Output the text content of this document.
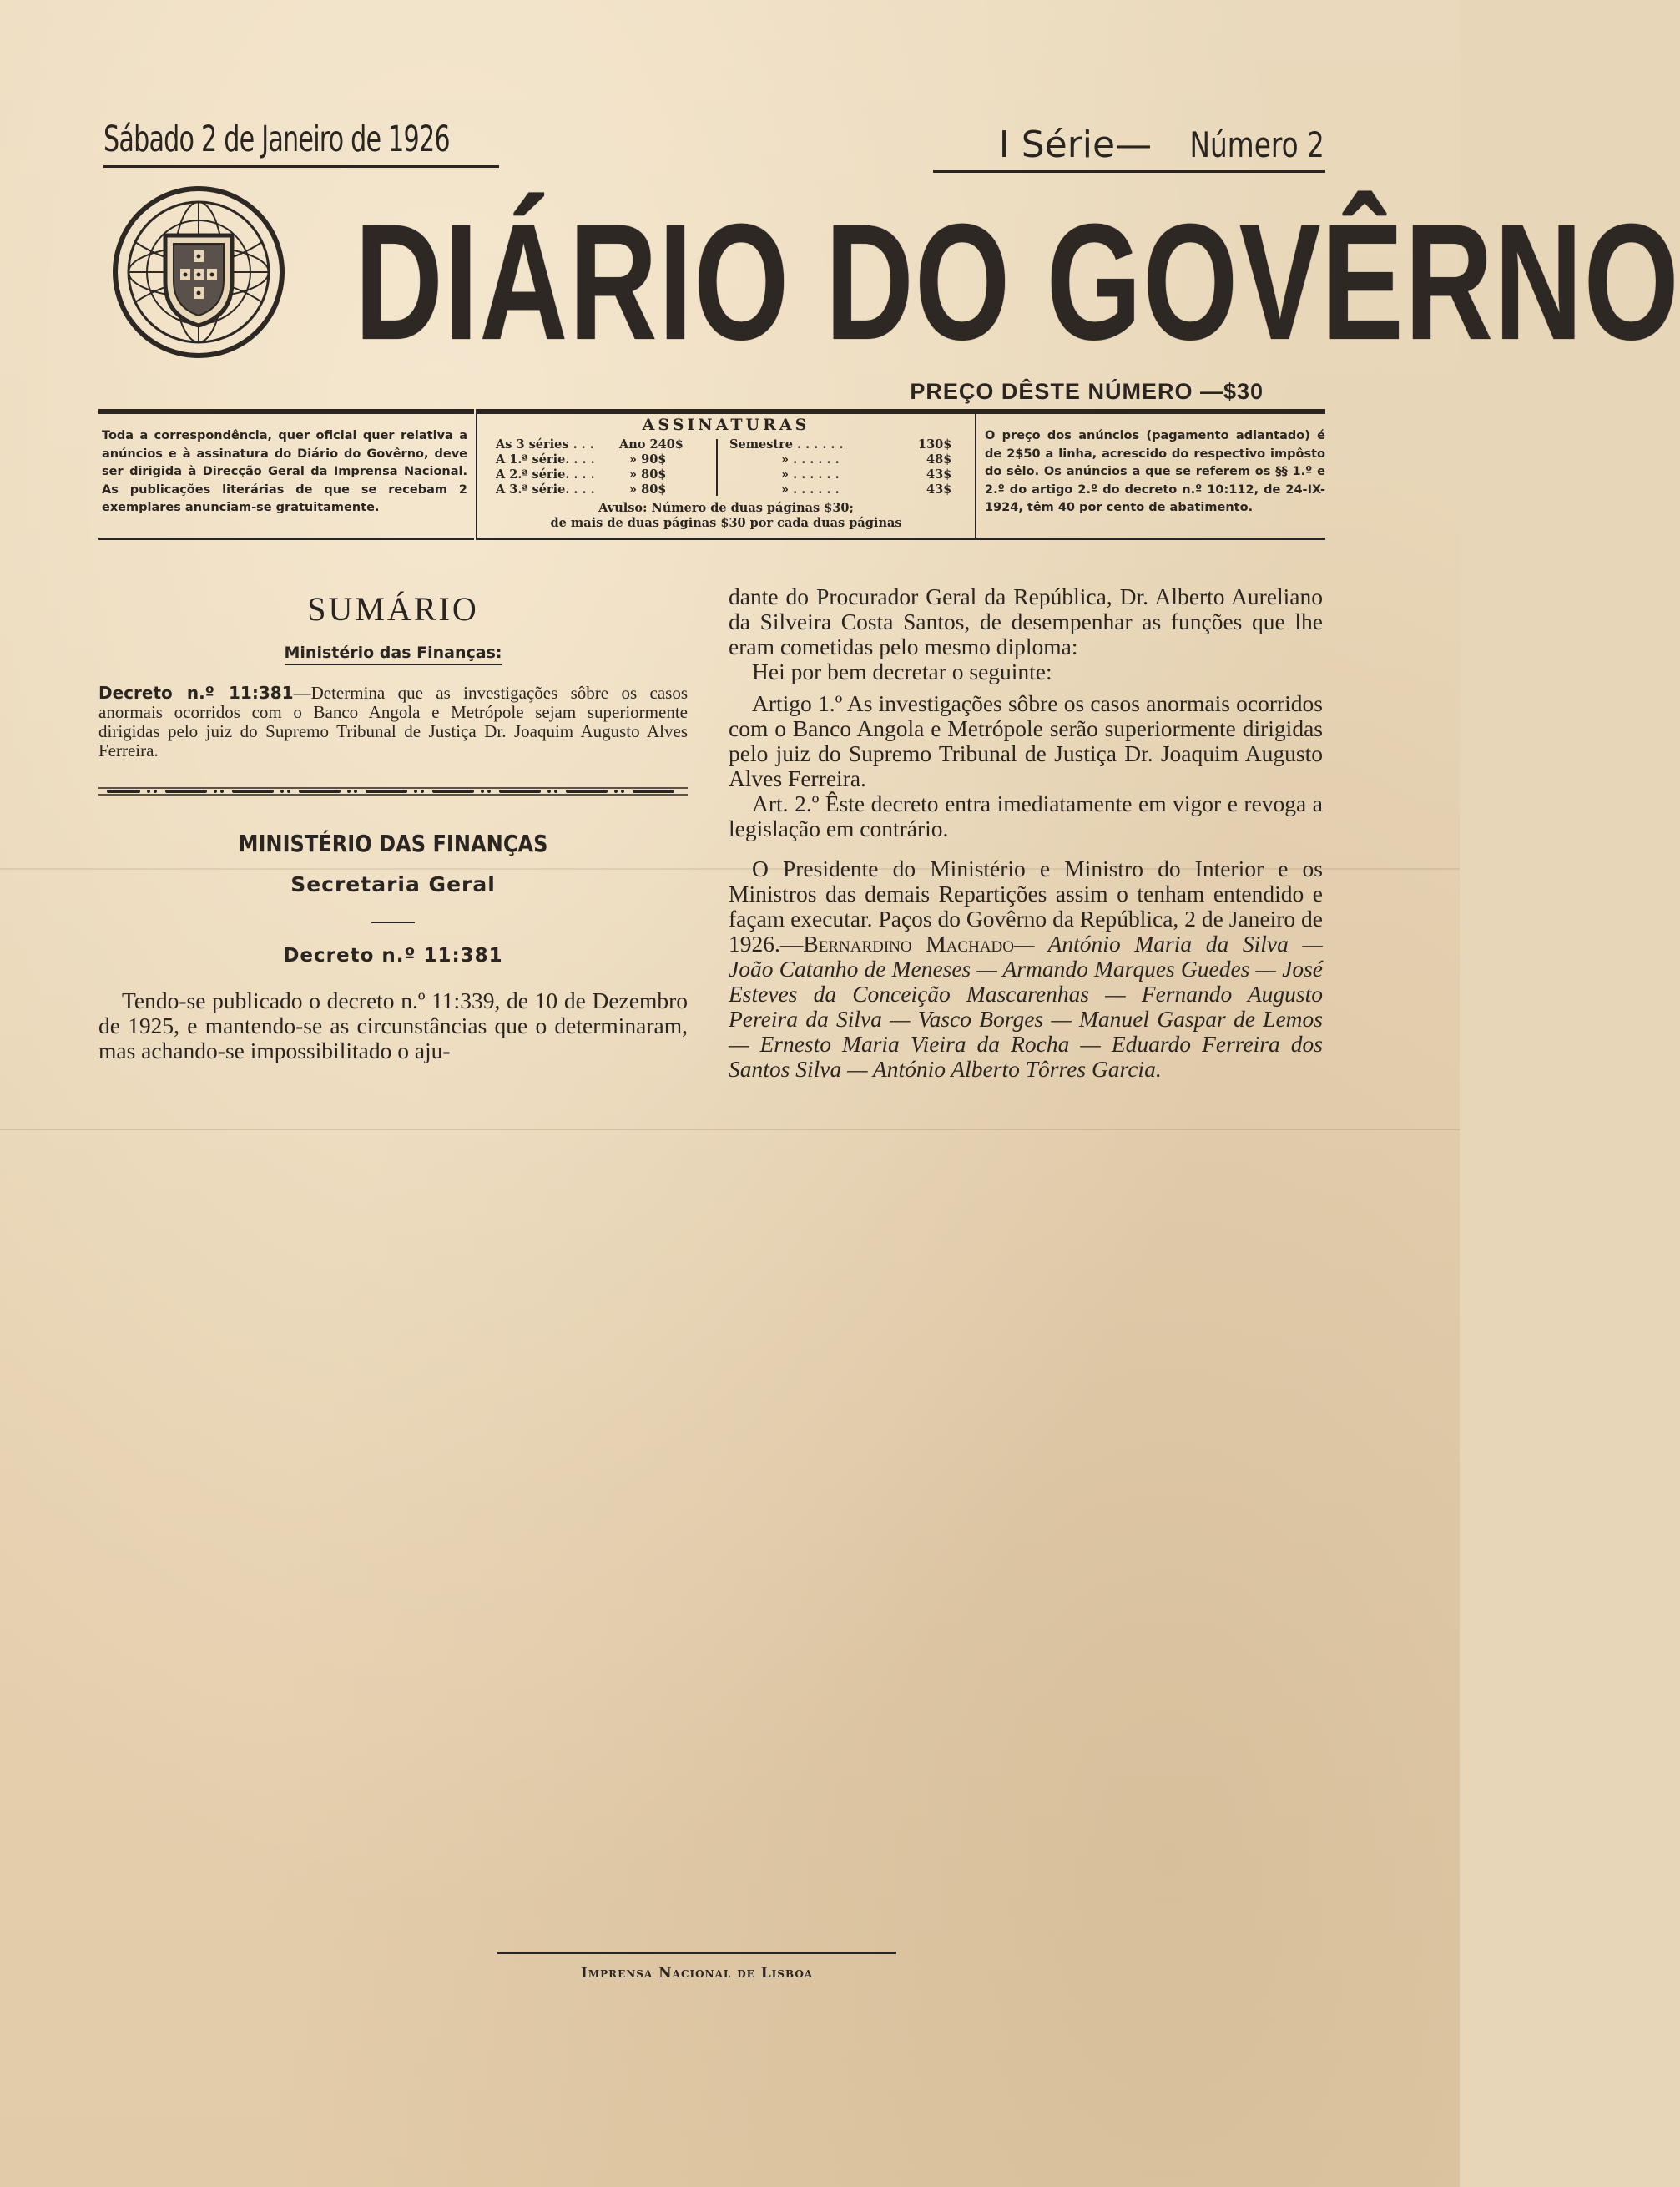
Sábado 2 de Janeiro de 1926	I Série— Número 2
DIÁRIO DO GOVÊRNO
PREÇO DÊSTE NÚMERO —$30
Toda a correspondência, quer oficial quer relativa a anúncios e à assinatura do Diário do Govêrno, deve ser dirigida à Direcção Geral da Imprensa Nacional. As publicações literárias de que se recebam 2 exemplares anunciam-se gratuitamente.
ASSINATURAS
As 3 séries . . . Ano 240$	Semestre . . . . . .	130$
A 1.ª série. . . .	» 90$	» . . . . . .	48$
A 2.ª série. . . .	» 80$	» . . . . . .	43$
A 3.ª série. . . .	» 80$	» . . . . . .	43$
Avulso: Número de duas páginas $30;
de mais de duas páginas $30 por cada duas páginas
O preço dos anúncios (pagamento adiantado) é de 2$50 a linha, acrescido do respectivo impôsto do sêlo. Os anúncios a que se referem os §§ 1.º e 2.º do artigo 2.º do decreto n.º 10:112, de 24-IX-1924, têm 40 por cento de abatimento.
SUMÁRIO
Ministério das Finanças:
Decreto n.º 11:381—Determina que as investigações sôbre os casos anormais ocorridos com o Banco Angola e Metrópole sejam superiormente dirigidas pelo juiz do Supremo Tribunal de Justiça Dr. Joaquim Augusto Alves Ferreira.
MINISTÉRIO DAS FINANÇAS
Secretaria Geral
Decreto n.º 11:381

Tendo-se publicado o decreto n.º 11:339, de 10 de Dezembro de 1925, e mantendo-se as circunstâncias que o determinaram, mas achando-se impossibilitado o aju-

dante do Procurador Geral da República, Dr. Alberto Aureliano da Silveira Costa Santos, de desempenhar as funções que lhe eram cometidas pelo mesmo diploma:

Hei por bem decretar o seguinte:

Artigo 1.º As investigações sôbre os casos anormais ocorridos com o Banco Angola e Metrópole serão superiormente dirigidas pelo juiz do Supremo Tribunal de Justiça Dr. Joaquim Augusto Alves Ferreira.

Art. 2.º Êste decreto entra imediatamente em vigor e revoga a legislação em contrário.

O Presidente do Ministério e Ministro do Interior e os Ministros das demais Repartições assim o tenham entendido e façam executar. Paços do Govêrno da República, 2 de Janeiro de 1926.—Bernardino Machado— António Maria da Silva — João Catanho de Meneses — Armando Marques Guedes — José Esteves da Conceição Mascarenhas — Fernando Augusto Pereira da Silva — Vasco Borges — Manuel Gaspar de Lemos — Ernesto Maria Vieira da Rocha — Eduardo Ferreira dos Santos Silva — António Alberto Tôrres Garcia.

Imprensa Nacional de Lisboa
